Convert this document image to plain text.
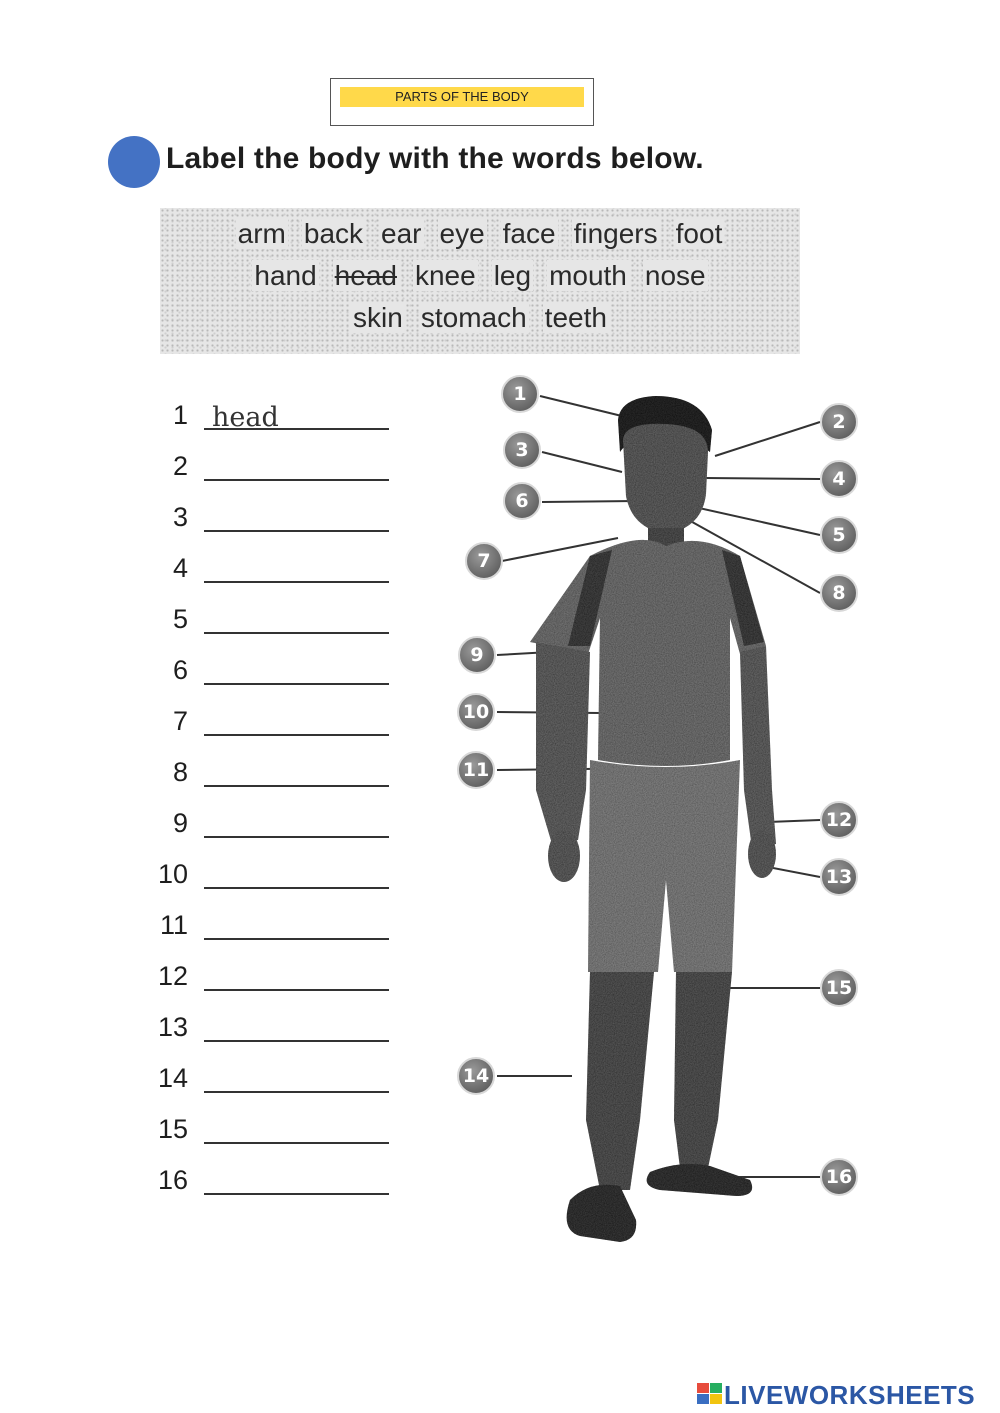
PARTS OF THE BODY
Label the body with the words below.
arm back ear eye face fingers foot
hand head knee leg mouth nose
skin stomach teeth
1 head
2
3
4
5
6
7
8
9
10
11
12
13
14
15
16
1
2
3
4
5
6
7
8
9
10
11
12
13
14
15
16
LIVEWORKSHEETS
